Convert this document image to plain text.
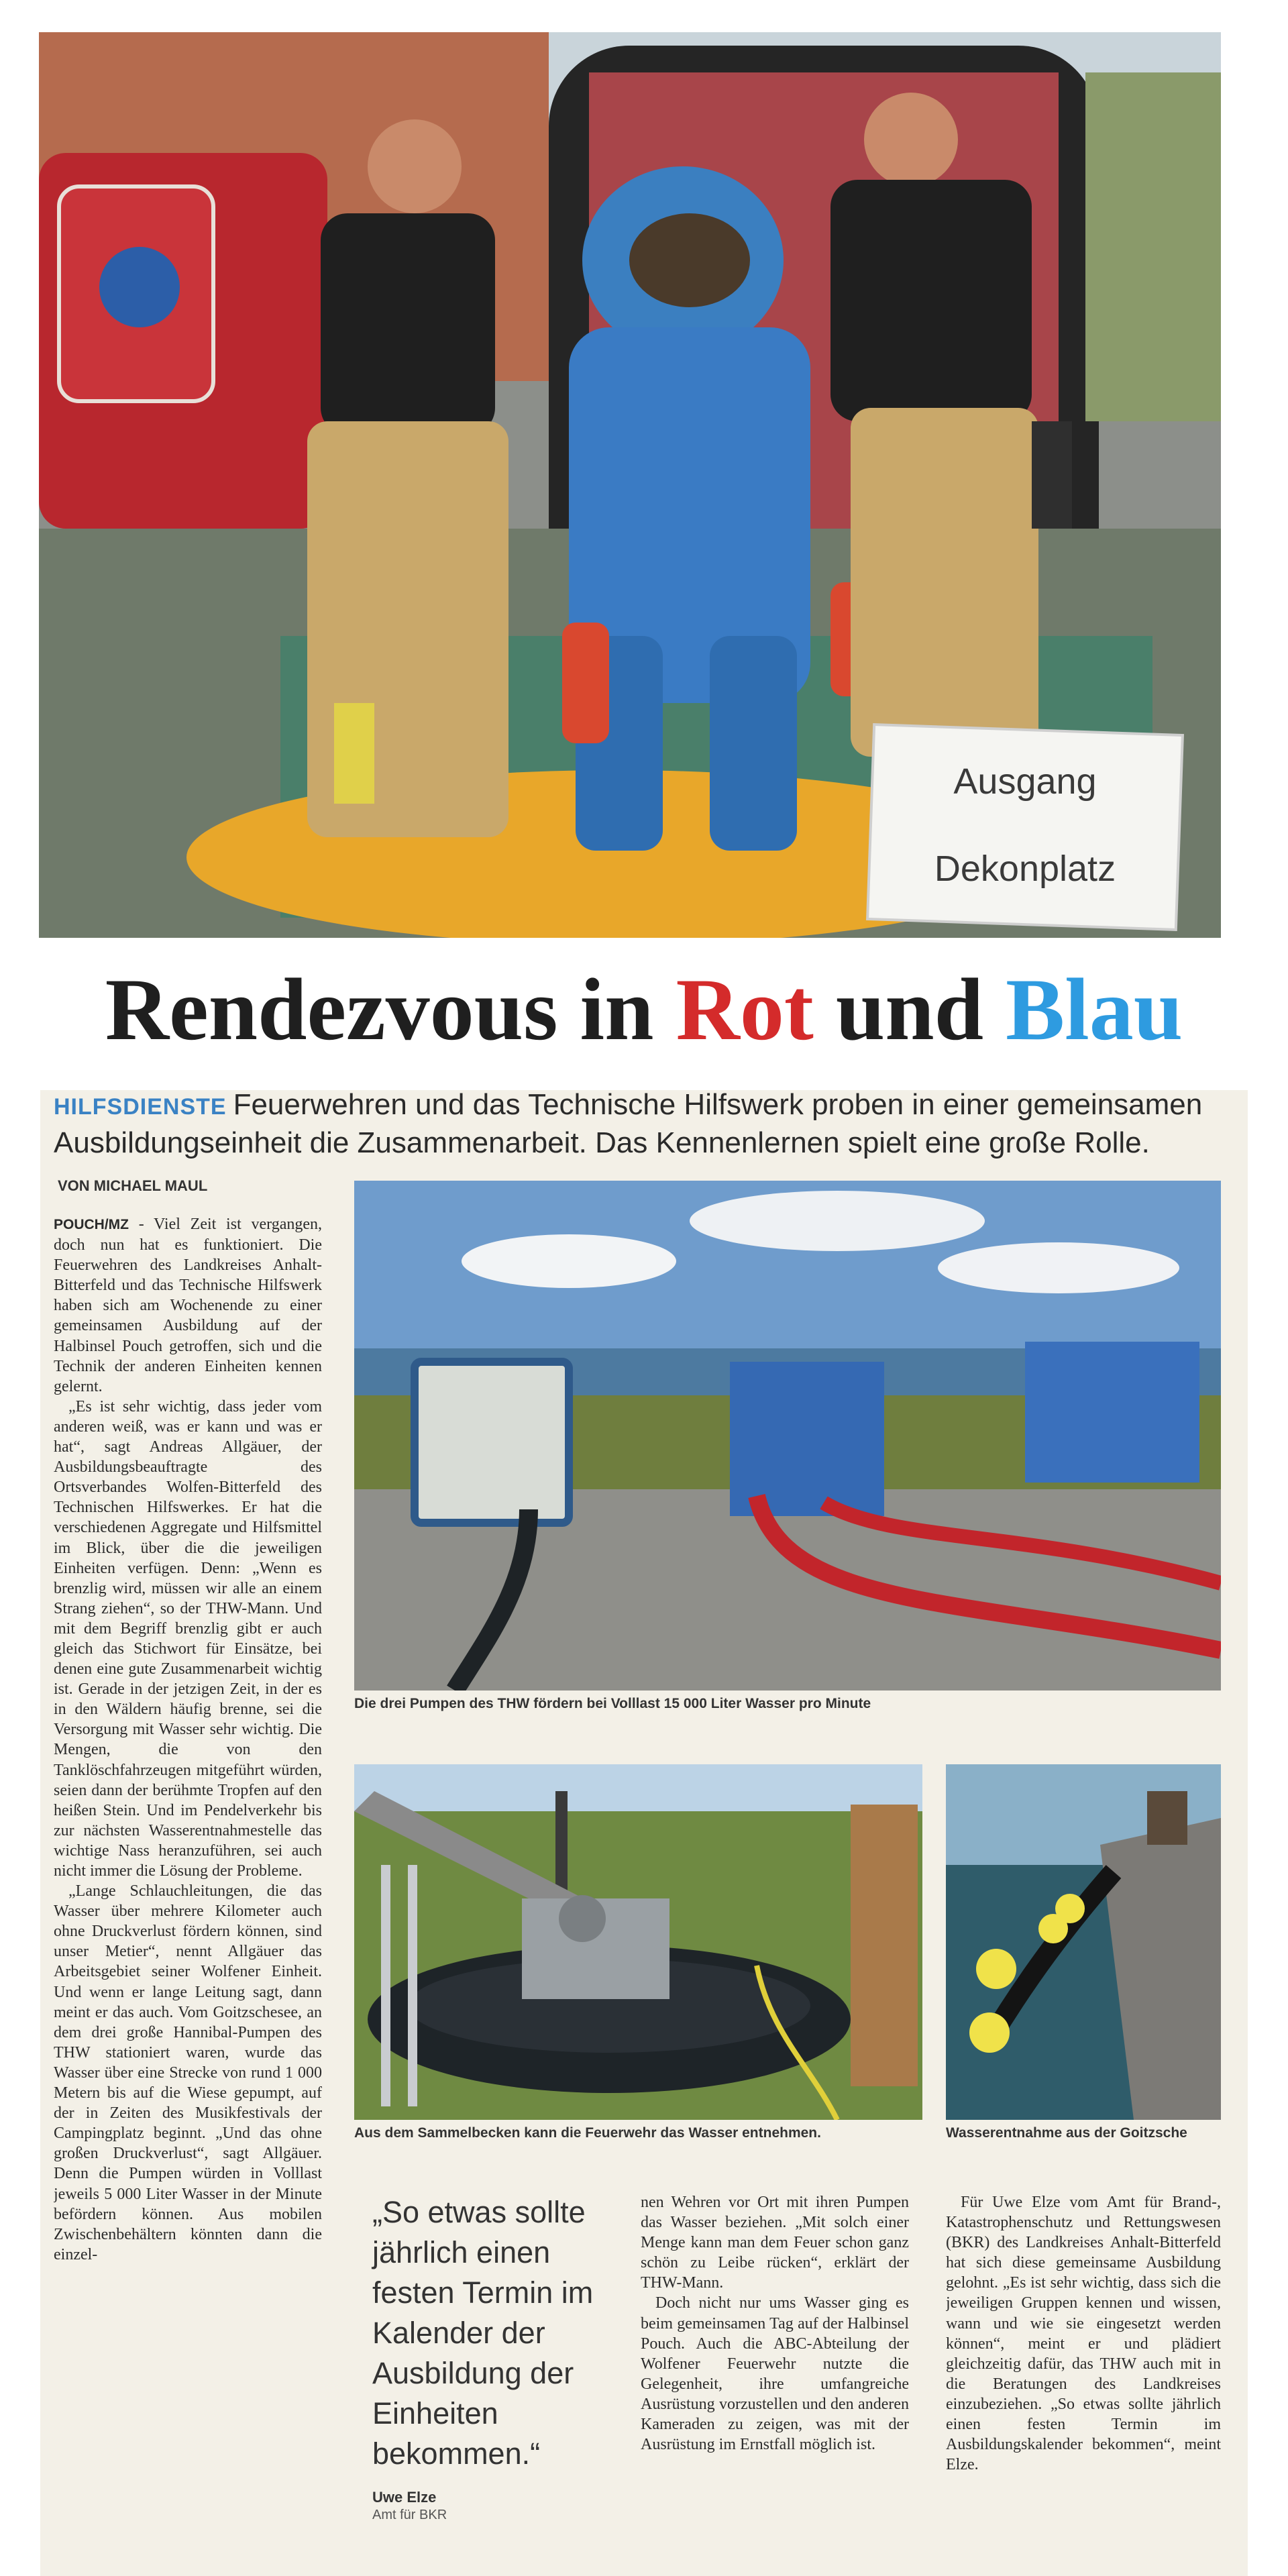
Ausgang
Dekonplatz
Rendezvous in Rot und Blau
HILFSDIENSTE Feuerwehren und das Technische Hilfswerk proben in einer gemeinsamen Ausbildungseinheit die Zusammenarbeit. Das Kennenlernen spielt eine große Rolle.
VON MICHAEL MAUL

POUCH/MZ - Viel Zeit ist vergangen, doch nun hat es funktioniert. Die Feuerwehren des Landkreises Anhalt-Bitterfeld und das Technische Hilfswerk haben sich am Wochenende zu einer gemeinsamen Ausbildung auf der Halbinsel Pouch getroffen, sich und die Technik der anderen Einheiten kennen gelernt.

„Es ist sehr wichtig, dass jeder vom anderen weiß, was er kann und was er hat“, sagt Andreas Allgäuer, der Ausbildungsbeauftragte des Ortsverbandes Wolfen-Bitterfeld des Technischen Hilfswerkes. Er hat die verschiedenen Aggregate und Hilfsmittel im Blick, über die die jeweiligen Einheiten verfügen. Denn: „Wenn es brenzlig wird, müssen wir alle an einem Strang ziehen“, so der THW-Mann. Und mit dem Begriff brenzlig gibt er auch gleich das Stichwort für Einsätze, bei denen eine gute Zusammenarbeit wichtig ist. Gerade in der jetzigen Zeit, in der es in den Wäldern häufig brenne, sei die Versorgung mit Wasser sehr wichtig. Die Mengen, die von den Tanklöschfahrzeugen mitgeführt würden, seien dann der berühmte Tropfen auf den heißen Stein. Und im Pendelverkehr bis zur nächsten Wasserentnahmestelle das wichtige Nass heranzuführen, sei auch nicht immer die Lösung der Probleme.

„Lange Schlauchleitungen, die das Wasser über mehrere Kilometer auch ohne Druckverlust fördern können, sind unser Metier“, nennt Allgäuer das Arbeitsgebiet seiner Wolfener Einheit. Und wenn er lange Leitung sagt, dann meint er das auch. Vom Goitzschesee, an dem drei große Hannibal-Pumpen des THW stationiert waren, wurde das Wasser über eine Strecke von rund 1 000 Metern bis auf die Wiese gepumpt, auf der in Zeiten des Musikfestivals der Campingplatz beginnt. „Und das ohne großen Druckverlust“, sagt Allgäuer. Denn die Pumpen würden in Volllast jeweils 5 000 Liter Wasser in der Minute befördern können. Aus mobilen Zwischenbehältern könnten dann die einzel-

Die drei Pumpen des THW fördern bei Volllast 15 000 Liter Wasser pro Minute
Aus dem Sammelbecken kann die Feuerwehr das Wasser entnehmen.	Wasserentnahme aus der Goitzsche
„So etwas sollte jährlich einen festen Termin im Kalender der Ausbildung der Einheiten bekommen.“
Uwe Elze
Amt für BKR

nen Wehren vor Ort mit ihren Pumpen das Wasser beziehen. „Mit solch einer Menge kann man dem Feuer schon ganz schön zu Leibe rücken“, erklärt der THW-Mann.

Doch nicht nur ums Wasser ging es beim gemeinsamen Tag auf der Halbinsel Pouch. Auch die ABC-Abteilung der Wolfener Feuerwehr nutzte die Gelegenheit, ihre umfangreiche Ausrüstung vorzustellen und den anderen Kameraden zu zeigen, was mit der Ausrüstung im Ernstfall möglich ist.

Für Uwe Elze vom Amt für Brand-, Katastrophenschutz und Rettungswesen (BKR) des Landkreises Anhalt-Bitterfeld hat sich diese gemeinsame Ausbildung gelohnt. „Es ist sehr wichtig, dass sich die jeweiligen Gruppen kennen und wissen, wann und wie sie eingesetzt werden können“, meint er und plädiert gleichzeitig dafür, das THW auch mit in die Beratungen des Landkreises einzubeziehen. „So etwas sollte jährlich einen festen Termin im Ausbildungskalender bekommen“, meint Elze.
